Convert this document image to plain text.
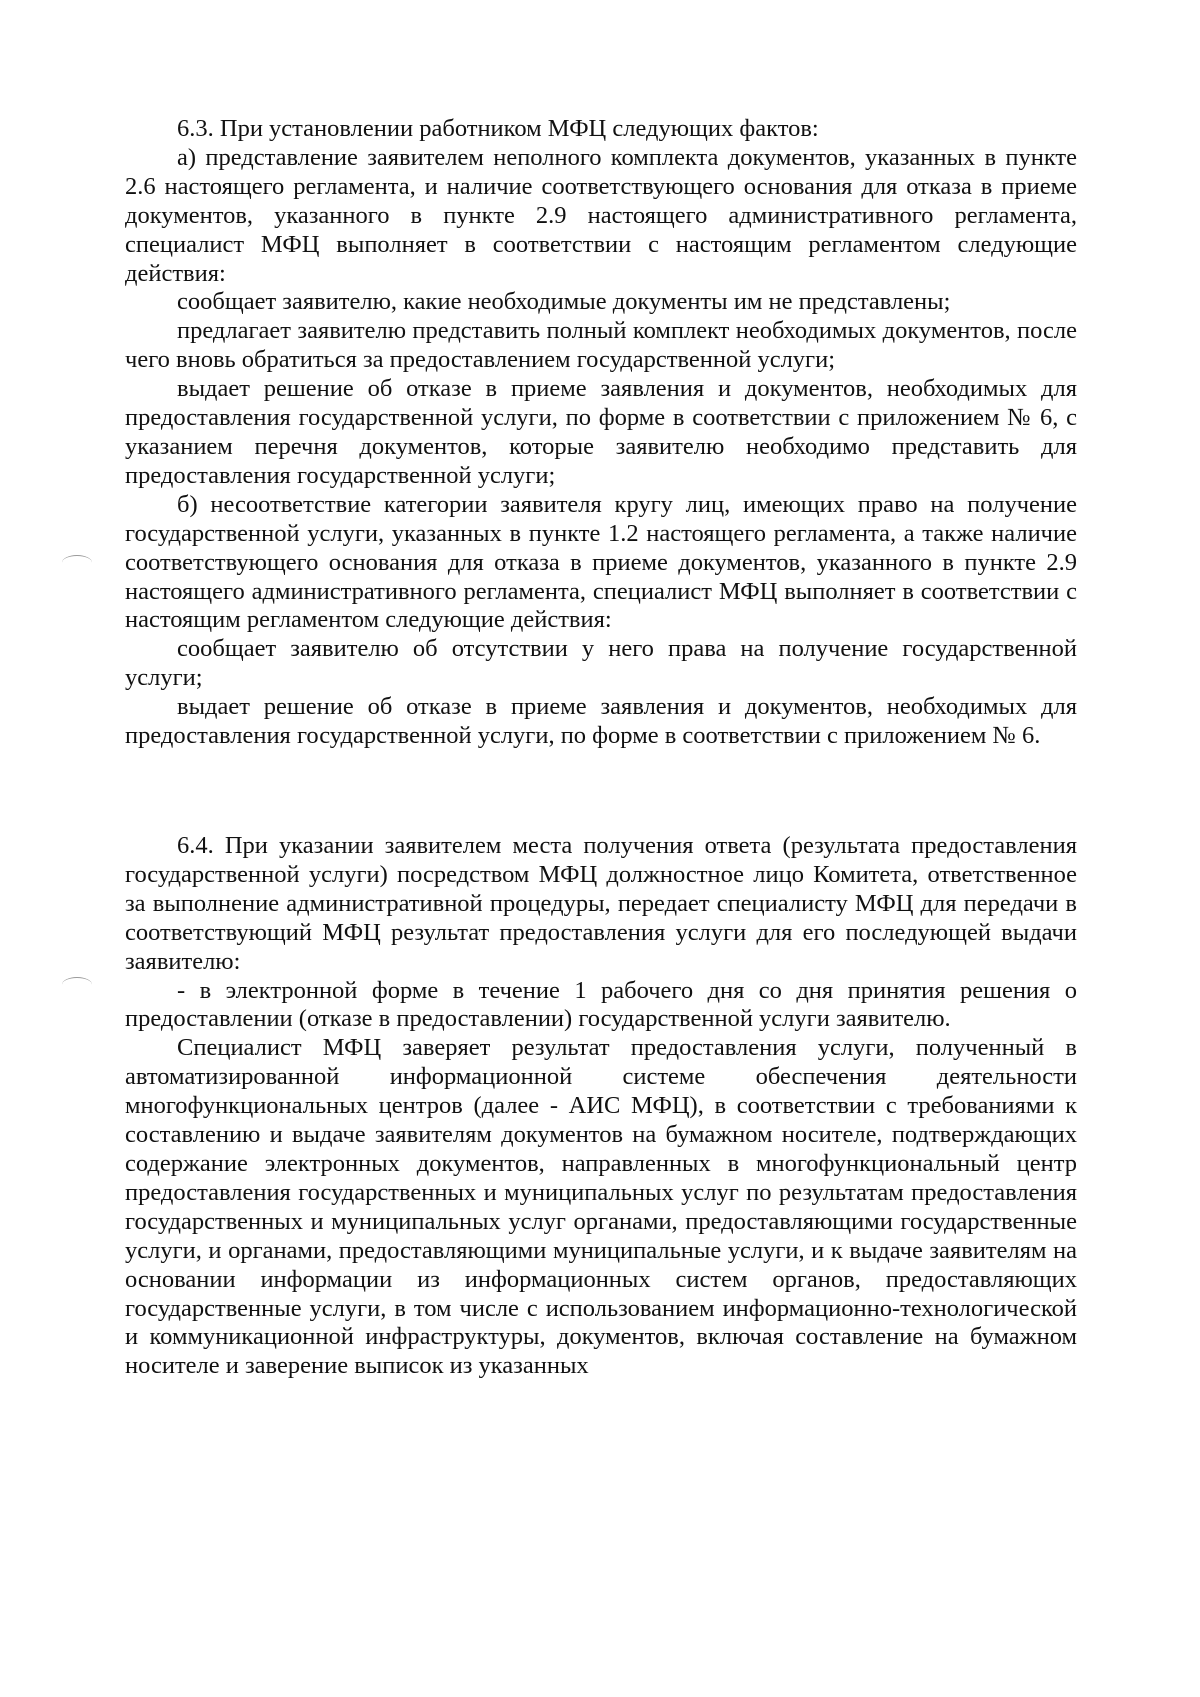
6.3. При установлении работником МФЦ следующих фактов:

а) представление заявителем неполного комплекта документов, указанных в пункте 2.6 настоящего регламента, и наличие соответствующего основания для отказа в приеме документов, указанного в пункте 2.9 настоящего административного регламента, специалист МФЦ выполняет в соответствии с настоящим регламентом следующие действия:

сообщает заявителю, какие необходимые документы им не представлены;

предлагает заявителю представить полный комплект необходимых документов, после чего вновь обратиться за предоставлением государственной услуги;

выдает решение об отказе в приеме заявления и документов, необходимых для предоставления государственной услуги, по форме в соответствии с приложением № 6, с указанием перечня документов, которые заявителю необходимо представить для предоставления государственной услуги;

б) несоответствие категории заявителя кругу лиц, имеющих право на получение государственной услуги, указанных в пункте 1.2 настоящего регламента, а также наличие соответствующего основания для отказа в приеме документов, указанного в пункте 2.9 настоящего административного регламента, специалист МФЦ выполняет в соответствии с настоящим регламентом следующие действия:

сообщает заявителю об отсутствии у него права на получение государственной услуги;

выдает решение об отказе в приеме заявления и документов, необходимых для предоставления государственной услуги, по форме в соответствии с приложением № 6.

6.4. При указании заявителем места получения ответа (результата предоставления государственной услуги) посредством МФЦ должностное лицо Комитета, ответственное за выполнение административной процедуры, передает специалисту МФЦ для передачи в соответствующий МФЦ результат предоставления услуги для его последующей выдачи заявителю:

- в электронной форме в течение 1 рабочего дня со дня принятия решения о предоставлении (отказе в предоставлении) государственной услуги заявителю.

Специалист МФЦ заверяет результат предоставления услуги, полученный в автоматизированной информационной системе обеспечения деятельности многофункциональных центров (далее - АИС МФЦ), в соответствии с требованиями к составлению и выдаче заявителям документов на бумажном носителе, подтверждающих содержание электронных документов, направленных в многофункциональный центр предоставления государственных и муниципальных услуг по результатам предоставления государственных и муниципальных услуг органами, предоставляющими государственные услуги, и органами, предоставляющими муниципальные услуги, и к выдаче заявителям на основании информации из информационных систем органов, предоставляющих государственные услуги, в том числе с использованием информационно-технологической и коммуникационной инфраструктуры, документов, включая составление на бумажном носителе и заверение выписок из указанных
